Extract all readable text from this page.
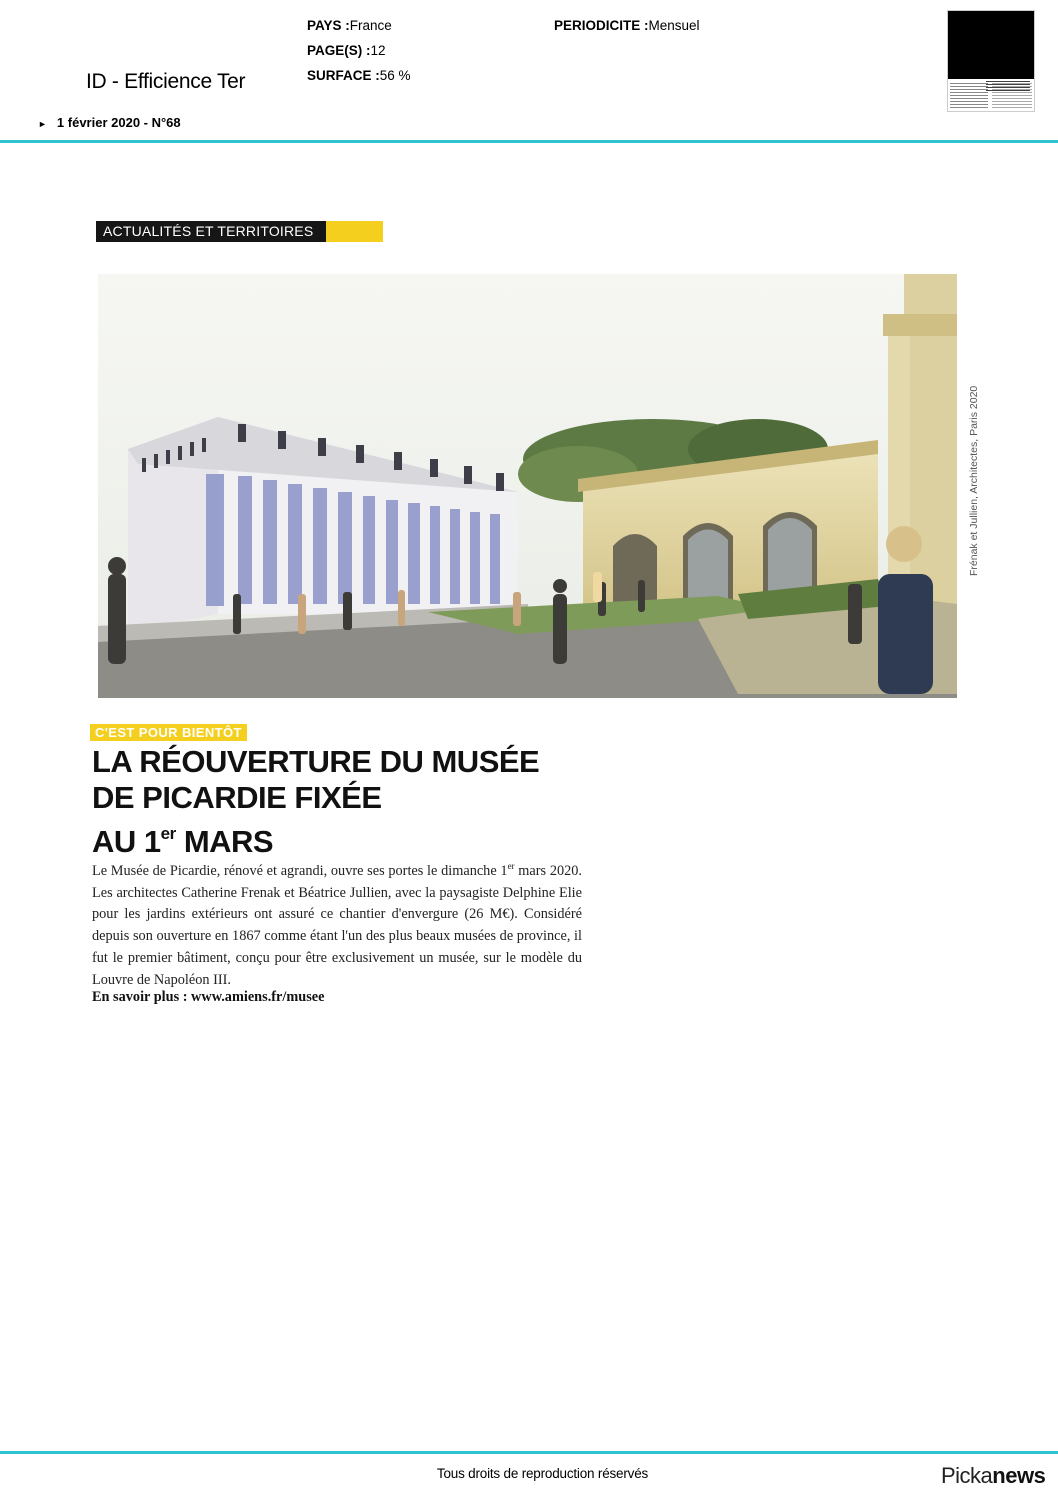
ID - Efficience Ter
PAYS :France
PAGE(S) :12
SURFACE :56 %
PERIODICITE :Mensuel
► 1 février 2020 - N°68
ACTUALITÉS ET TERRITOIRES
Frénak et Jullien, Architectes, Paris 2020
C'EST POUR BIENTÔT
LA RÉOUVERTURE DU MUSÉE
DE PICARDIE FIXÉE
AU 1er MARS
Le Musée de Picardie, rénové et agrandi, ouvre ses portes le dimanche 1er mars 2020. Les architectes Catherine Frenak et Béatrice Jullien, avec la paysagiste Delphine Elie pour les jardins extérieurs ont assuré ce chantier d'envergure (26 M€). Considéré depuis son ouverture en 1867 comme étant l'un des plus beaux musées de province, il fut le premier bâtiment, conçu pour être exclusivement un musée, sur le modèle du Louvre de Napoléon III.
En savoir plus : www.amiens.fr/musee
Tous droits de reproduction réservés	Pickanews
